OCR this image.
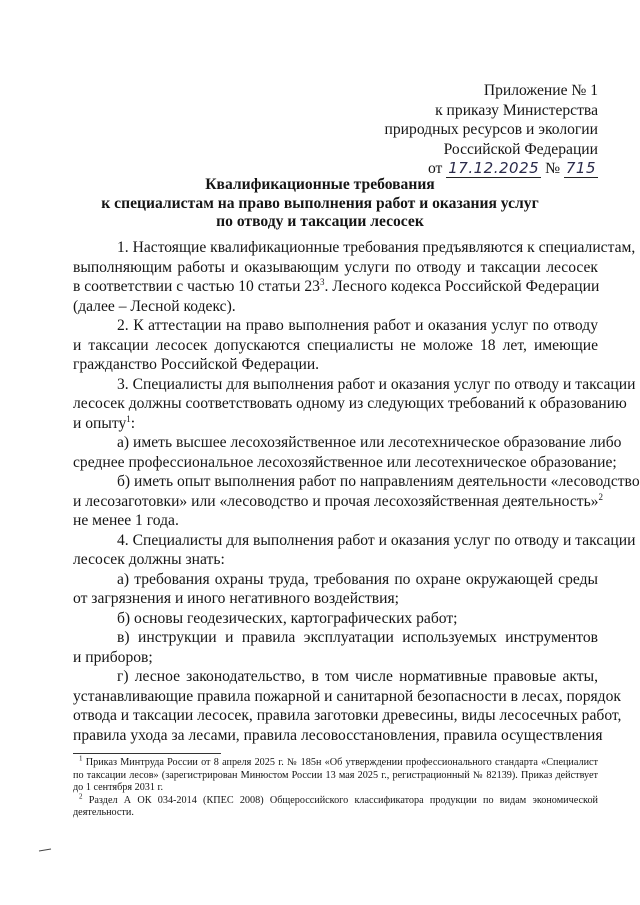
Приложение № 1
к приказу Министерства
природных ресурсов и экологии
Российской Федерации
от 17.12.2025 № 715
Квалификационные требования
к специалистам на право выполнения работ и оказания услуг
по отводу и таксации лесосек
1. Настоящие квалификационные требования предъявляются к специалистам,
выполняющим работы и оказывающим услуги по отводу и таксации лесосек
в соответствии с частью 10 статьи $23^3$. Лесного кодекса Российской Федерации
(далее – Лесной кодекс).
2. К аттестации на право выполнения работ и оказания услуг по отводу
и таксации лесосек допускаются специалисты не моложе 18 лет, имеющие
гражданство Российской Федерации.
3. Специалисты для выполнения работ и оказания услуг по отводу и таксации
лесосек должны соответствовать одному из следующих требований к образованию
и опыту$^1$:
а) иметь высшее лесохозяйственное или лесотехническое образование либо
среднее профессиональное лесохозяйственное или лесотехническое образование;
б) иметь опыт выполнения работ по направлениям деятельности «лесоводство
и лесозаготовки» или «лесоводство и прочая лесохозяйственная деятельность»$^2$
не менее 1 года.
4. Специалисты для выполнения работ и оказания услуг по отводу и таксации
лесосек должны знать:
а) требования охраны труда, требования по охране окружающей среды
от загрязнения и иного негативного воздействия;
б) основы геодезических, картографических работ;
в) инструкции и правила эксплуатации используемых инструментов
и приборов;
г) лесное законодательство, в том числе нормативные правовые акты,
устанавливающие правила пожарной и санитарной безопасности в лесах, порядок
отвода и таксации лесосек, правила заготовки древесины, виды лесосечных работ,
правила ухода за лесами, правила лесовосстановления, правила осуществления
$^1$ Приказ Минтруда России от 8 апреля 2025 г. № 185н «Об утверждении профессионального стандарта «Специалист
по таксации лесов» (зарегистрирован Минюстом России 13 мая 2025 г., регистрационный № 82139). Приказ действует
до 1 сентября 2031 г.
$^2$ Раздел А ОК 034-2014 (КПЕС 2008) Общероссийского классификатора продукции по видам экономической
деятельности.
